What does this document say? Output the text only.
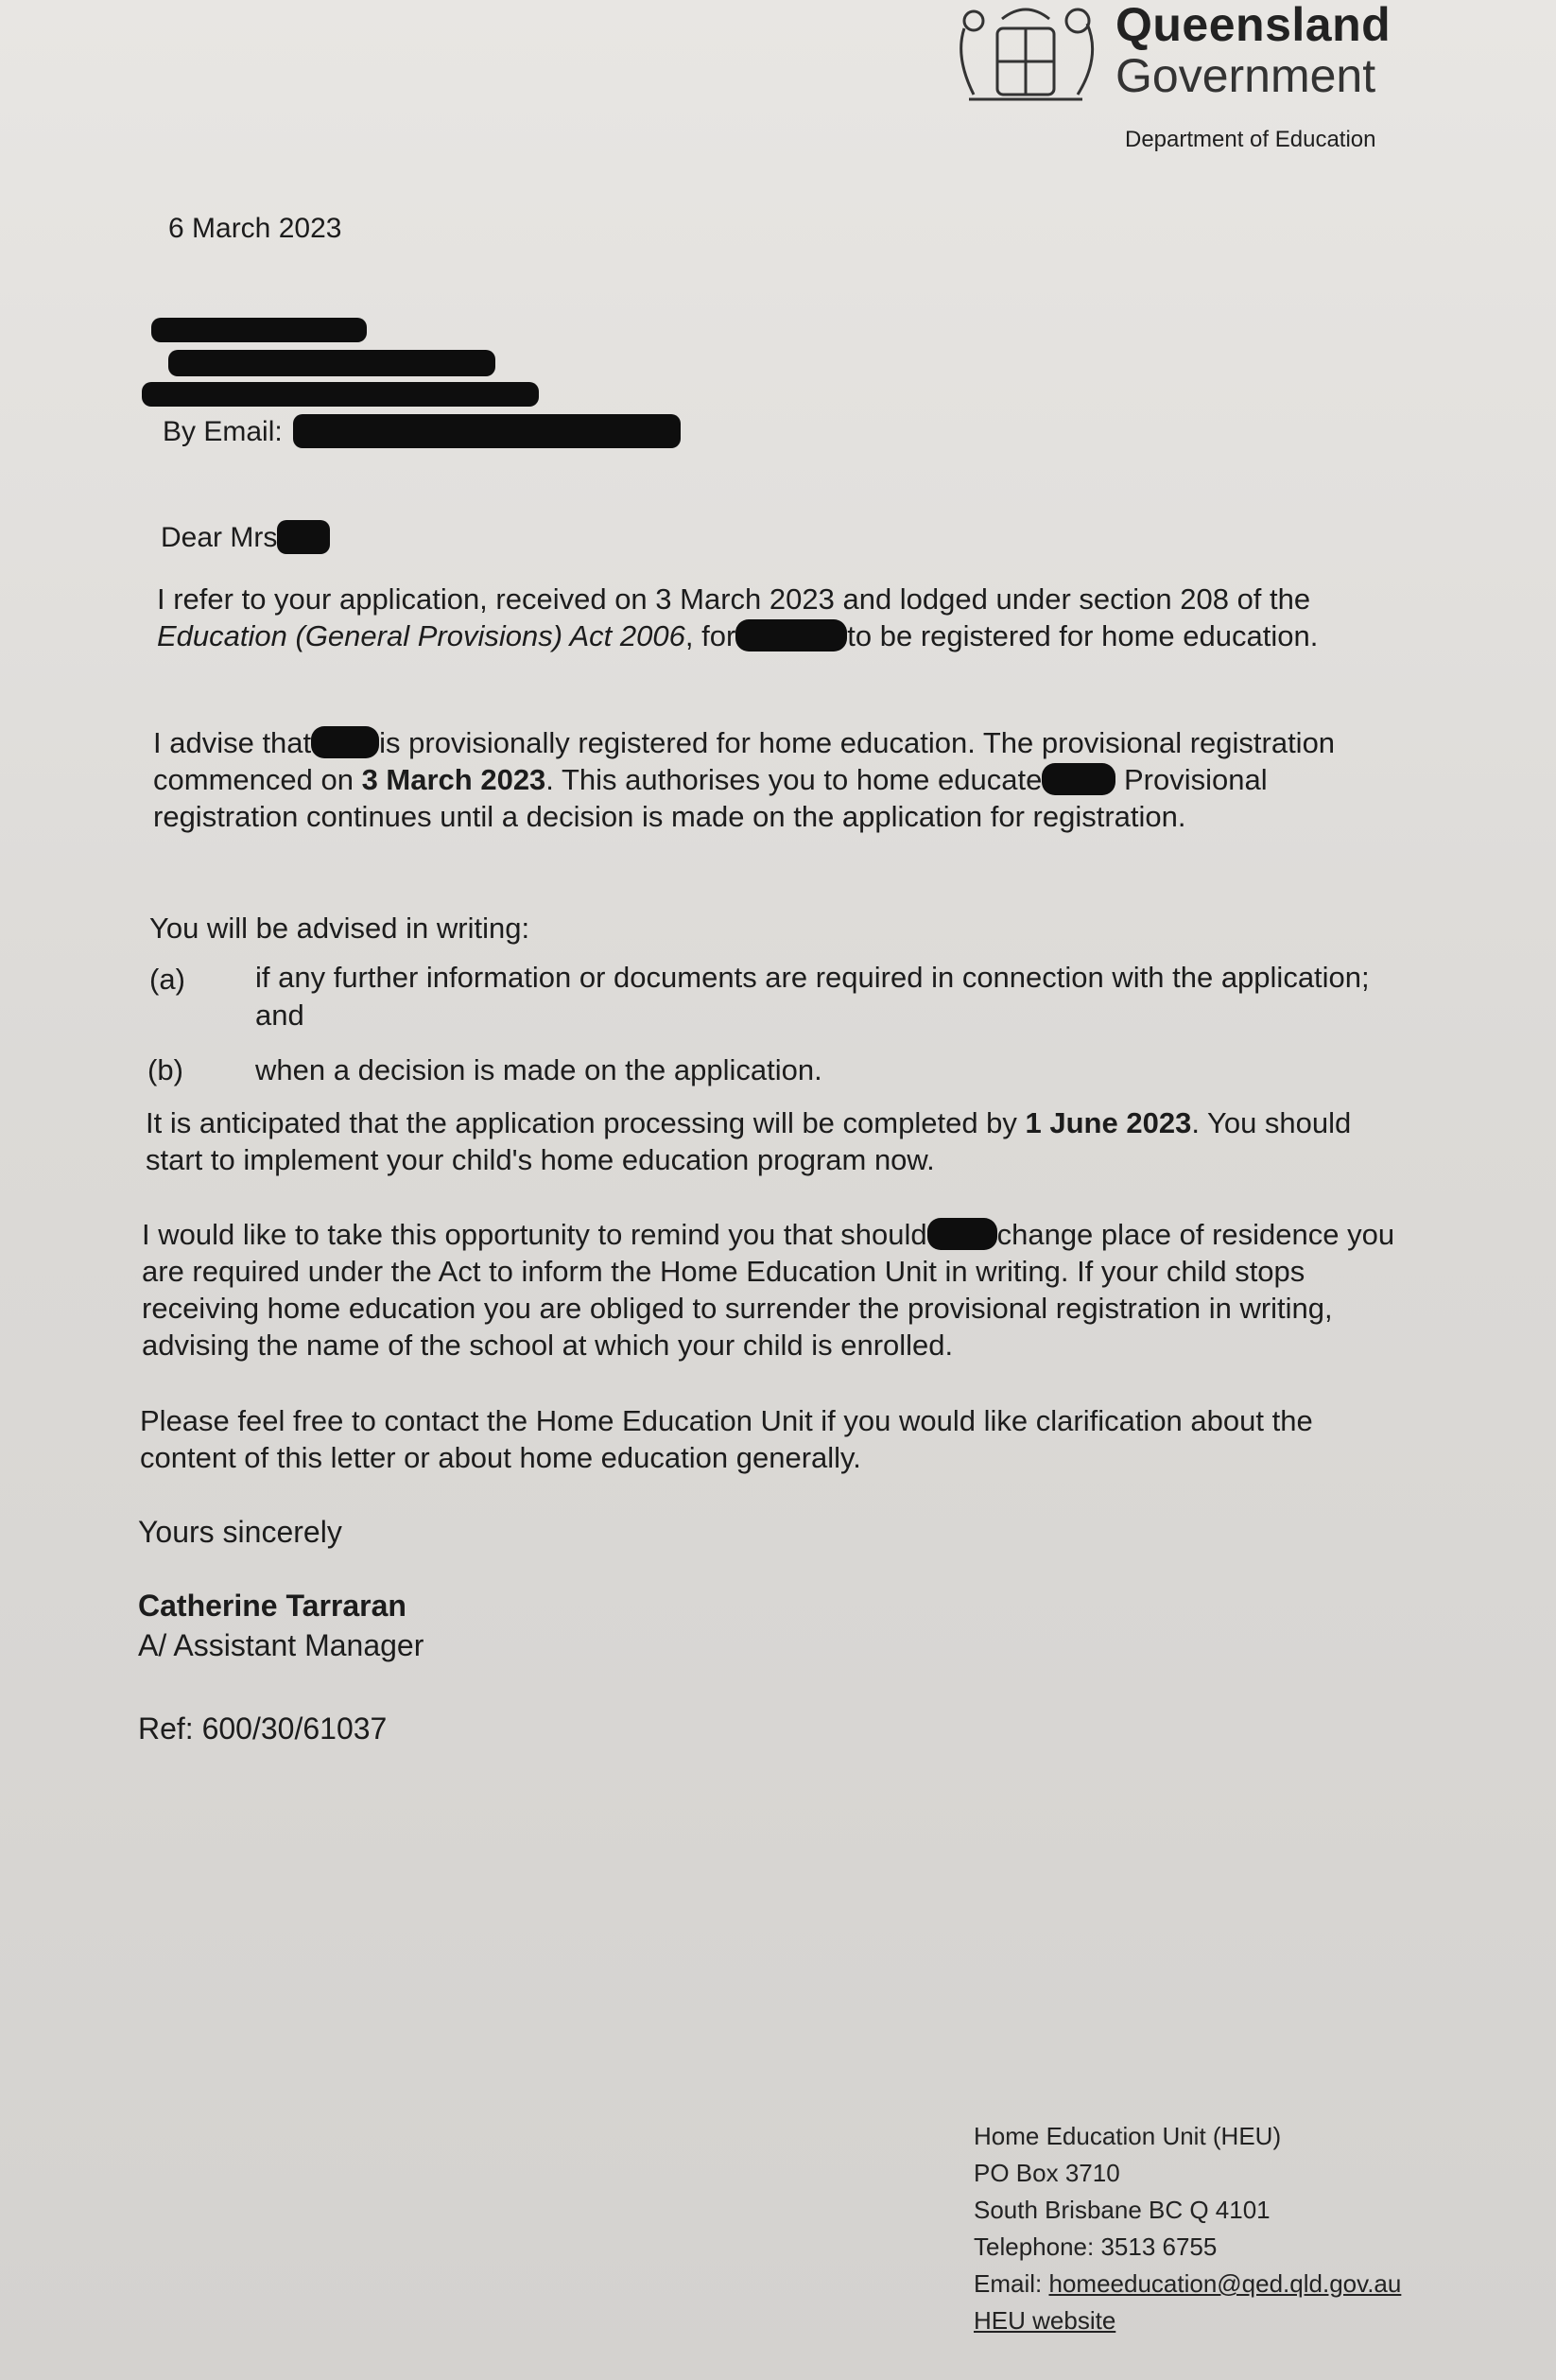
Queensland
Government
Department of Education
6 March 2023
By Email:
Dear Mrs
I refer to your application, received on 3 March 2023 and lodged under section 208 of the Education (General Provisions) Act 2006, for	to be registered for home education.
I advise that is provisionally registered for home education. The provisional registration commenced on 3 March 2023. This authorises you to home educate	Provisional registration continues until a decision is made on the application for registration.
You will be advised in writing:
(a) if any further information or documents are required in connection with the application; and
(b) when a decision is made on the application.
It is anticipated that the application processing will be completed by 1 June 2023. You should start to implement your child's home education program now.
I would like to take this opportunity to remind you that should change place of residence you are required under the Act to inform the Home Education Unit in writing. If your child stops receiving home education you are obliged to surrender the provisional registration in writing, advising the name of the school at which your child is enrolled.
Please feel free to contact the Home Education Unit if you would like clarification about the content of this letter or about home education generally.
Yours sincerely
Catherine Tarraran
A/ Assistant Manager
Ref: 600/30/61037
Home Education Unit (HEU)
PO Box 3710
South Brisbane BC Q 4101
Telephone: 3513 6755
Email: homeeducation@qed.qld.gov.au
HEU website
